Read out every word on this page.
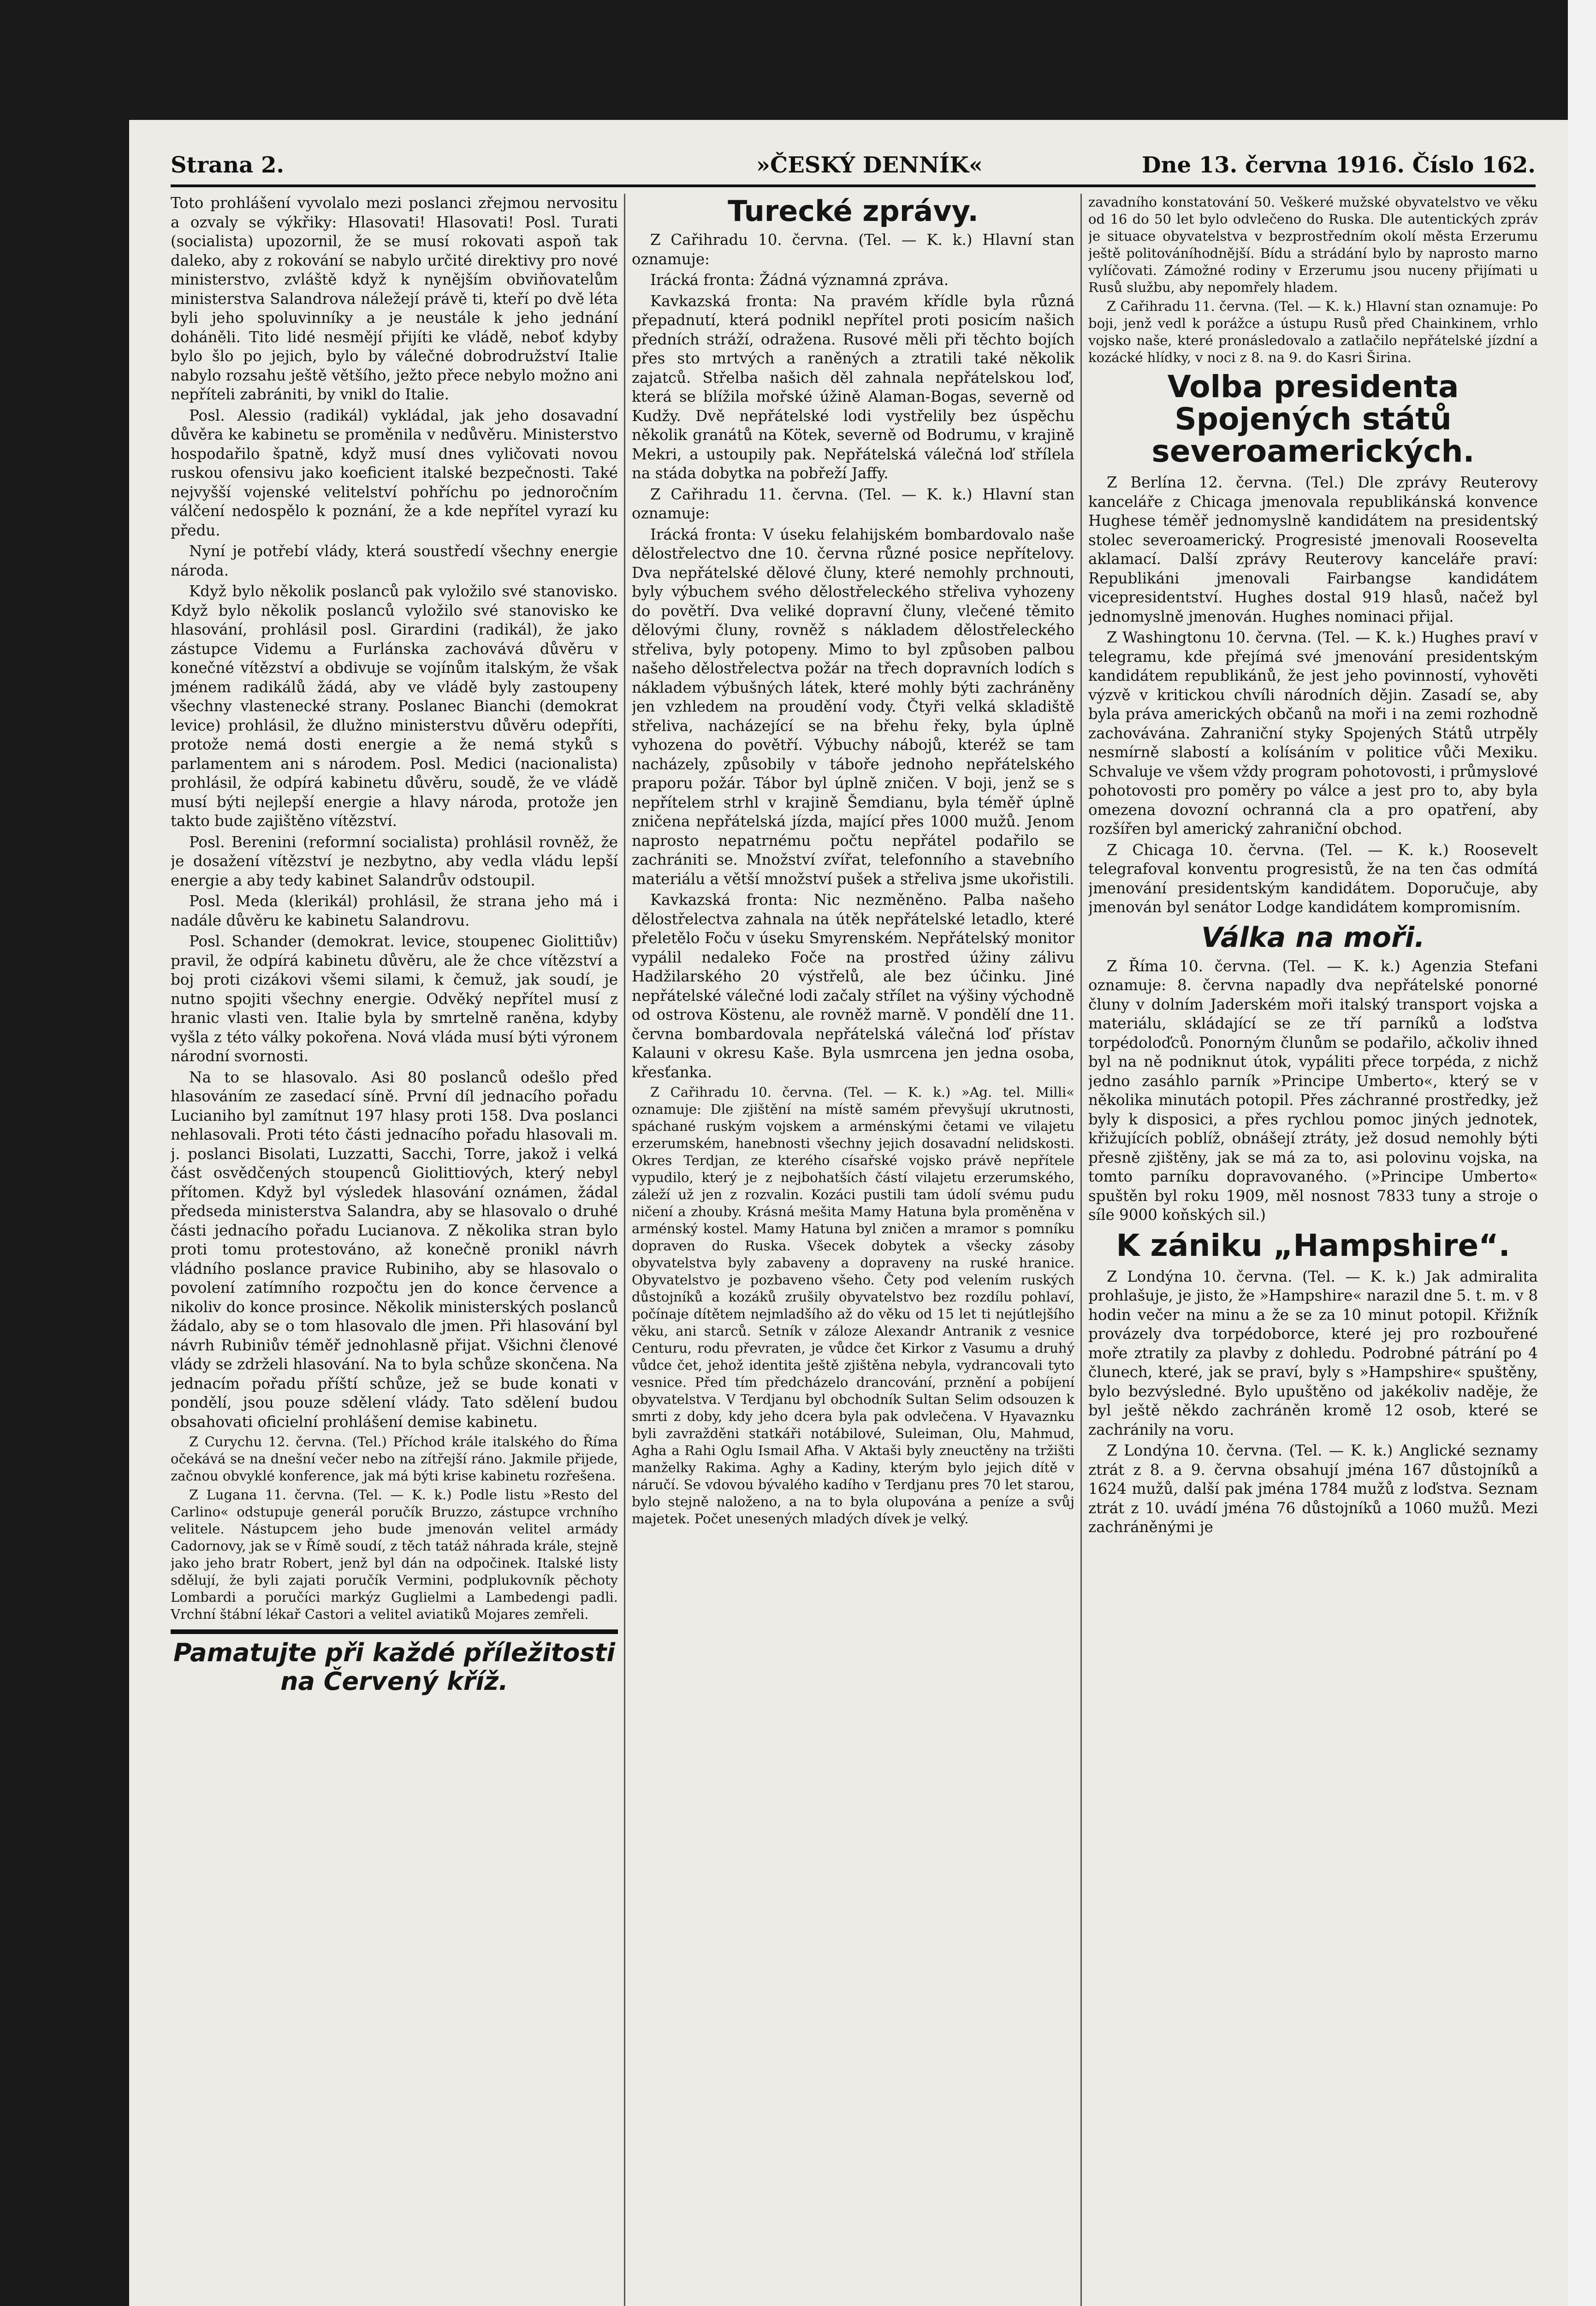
Strana 2.	»ČESKÝ DENNÍK«	Dne 13. června 1916. Číslo 162.

Toto prohlášení vyvolalo mezi poslanci zřejmou nervositu a ozvaly se výkřiky: Hlasovati! Hlasovati! Posl. Turati (socialista) upozornil, že se musí rokovati aspoň tak daleko, aby z rokování se nabylo určité direktivy pro nové ministerstvo, zvláště když k nynějším obviňovatelům ministerstva Salandrova náležejí právě ti, kteří po dvě léta byli jeho spoluvinníky a je neustále k jeho jednání doháněli. Tito lidé nesmějí přijíti ke vládě, neboť kdyby bylo šlo po jejich, bylo by válečné dobrodružství Italie nabylo rozsahu ještě většího, ježto přece nebylo možno ani nepříteli zabrániti, by vnikl do Italie.

Posl. Alessio (radikál) vykládal, jak jeho dosavadní důvěra ke kabinetu se proměnila v nedůvěru. Ministerstvo hospodařilo špatně, když musí dnes vyličovati novou ruskou ofensivu jako koeficient italské bezpečnosti. Také nejvyšší vojenské velitelství pohříchu po jednoročním válčení nedospělo k poznání, že a kde nepřítel vyrazí ku předu.

Nyní je potřebí vlády, která soustředí všechny energie národa.

Když bylo několik poslanců pak vyložilo své stanovisko. Když bylo několik poslanců vyložilo své stanovisko ke hlasování, prohlásil posl. Girardini (radikál), že jako zástupce Videmu a Furlánska zachovává důvěru v konečné vítězství a obdivuje se vojínům italským, že však jménem radikálů žádá, aby ve vládě byly zastoupeny všechny vlastenecké strany. Poslanec Bianchi (demokrat levice) prohlásil, že dlužno ministerstvu důvěru odepříti, protože nemá dosti energie a že nemá styků s parlamentem ani s národem. Posl. Medici (nacionalista) prohlásil, že odpírá kabinetu důvěru, soudě, že ve vládě musí býti nejlepší energie a hlavy národa, protože jen takto bude zajištěno vítězství.

Posl. Berenini (reformní socialista) prohlásil rovněž, že je dosažení vítězství je nezbytno, aby vedla vládu lepší energie a aby tedy kabinet Salandrův odstoupil.

Posl. Meda (klerikál) prohlásil, že strana jeho má i nadále důvěru ke kabinetu Salandrovu.

Posl. Schander (demokrat. levice, stoupenec Giolittiův) pravil, že odpírá kabinetu důvěru, ale že chce vítězství a boj proti cizákovi všemi silami, k čemuž, jak soudí, je nutno spojiti všechny energie. Odvěký nepřítel musí z hranic vlasti ven. Italie byla by smrtelně raněna, kdyby vyšla z této války pokořena. Nová vláda musí býti výronem národní svornosti.

Na to se hlasovalo. Asi 80 poslanců odešlo před hlasováním ze zasedací síně. První díl jednacího pořadu Lucianiho byl zamítnut 197 hlasy proti 158. Dva poslanci nehlasovali. Proti této části jednacího pořadu hlasovali m. j. poslanci Bisolati, Luzzatti, Sacchi, Torre, jakož i velká část osvědčených stoupenců Giolittiových, který nebyl přítomen. Když byl výsledek hlasování oznámen, žádal předseda ministerstva Salandra, aby se hlasovalo o druhé části jednacího pořadu Lucianova. Z několika stran bylo proti tomu protestováno, až konečně pronikl návrh vládního poslance pravice Rubiniho, aby se hlasovalo o povolení zatímního rozpočtu jen do konce července a nikoliv do konce prosince. Několik ministerských poslanců žádalo, aby se o tom hlasovalo dle jmen. Při hlasování byl návrh Rubiniův téměř jednohlasně přijat. Všichni členové vlády se zdrželi hlasování. Na to byla schůze skončena. Na jednacím pořadu příští schůze, jež se bude konati v pondělí, jsou pouze sdělení vlády. Tato sdělení budou obsahovati oficielní prohlášení demise kabinetu.

Z Curychu 12. června. (Tel.) Příchod krále italského do Říma očekává se na dnešní večer nebo na zítřejší ráno. Jakmile přijede, začnou obvyklé konference, jak má býti krise kabinetu rozřešena.

Z Lugana 11. června. (Tel. — K. k.) Podle listu »Resto del Carlino« odstupuje generál poručík Bruzzo, zástupce vrchního velitele. Nástupcem jeho bude jmenován velitel armády Cadornovy, jak se v Římě soudí, z těch tatáž náhrada krále, stejně jako jeho bratr Robert, jenž byl dán na odpočinek. Italské listy sdělují, že byli zajati poručík Vermini, podplukovník pěchoty Lombardi a poručíci markýz Guglielmi a Lambedengi padli. Vrchní štábní lékař Castori a velitel aviatiků Mojares zemřeli.

Pamatujte při každé příležitosti na Červený kříž.
Turecké zprávy.

Z Cařihradu 10. června. (Tel. — K. k.) Hlavní stan oznamuje:

Irácká fronta: Žádná významná zpráva.

Kavkazská fronta: Na pravém křídle byla různá přepadnutí, která podnikl nepřítel proti posicím našich předních stráží, odražena. Rusové měli při těchto bojích přes sto mrtvých a raněných a ztratili také několik zajatců. Střelba našich děl zahnala nepřátelskou loď, která se blížila mořské úžině Alaman-Bogas, severně od Kudžy. Dvě nepřátelské lodi vystřelily bez úspěchu několik granátů na Kötek, severně od Bodrumu, v krajině Mekri, a ustoupily pak. Nepřátelská válečná loď střílela na stáda dobytka na pobřeží Jaffy.

Z Cařihradu 11. června. (Tel. — K. k.) Hlavní stan oznamuje:

Irácká fronta: V úseku felahijském bombardovalo naše dělostřelectvo dne 10. června různé posice nepřítelovy. Dva nepřátelské dělové čluny, které nemohly prchnouti, byly výbuchem svého dělostřeleckého střeliva vyhozeny do povětří. Dva veliké dopravní čluny, vlečené těmito dělovými čluny, rovněž s nákladem dělostřeleckého střeliva, byly potopeny. Mimo to byl způsoben palbou našeho dělostřelectva požár na třech dopravních lodích s nákladem výbušných látek, které mohly býti zachráněny jen vzhledem na proudění vody. Čtyři velká skladiště střeliva, nacházející se na břehu řeky, byla úplně vyhozena do povětří. Výbuchy nábojů, kteréž se tam nacházely, způsobily v táboře jednoho nepřátelského praporu požár. Tábor byl úplně zničen. V boji, jenž se s nepřítelem strhl v krajině Šemdianu, byla téměř úplně zničena nepřátelská jízda, mající přes 1000 mužů. Jenom naprosto nepatrnému počtu nepřátel podařilo se zachrániti se. Množství zvířat, telefonního a stavebního materiálu a větší množství pušek a střeliva jsme ukořistili.

Kavkazská fronta: Nic nezměněno. Palba našeho dělostřelectva zahnala na útěk nepřátelské letadlo, které přeletělo Foču v úseku Smyrenském. Nepřátelský monitor vypálil nedaleko Foče na prostřed úžiny zálivu Hadžilarského 20 výstřelů, ale bez účinku. Jiné nepřátelské válečné lodi začaly střílet na výšiny východně od ostrova Köstenu, ale rovněž marně. V pondělí dne 11. června bombardovala nepřátelská válečná loď přístav Kalauni v okresu Kaše. Byla usmrcena jen jedna osoba, křesťanka.

Z Cařihradu 10. června. (Tel. — K. k.) »Ag. tel. Milli« oznamuje: Dle zjištění na místě samém převyšují ukrutnosti, spáchané ruským vojskem a arménskými četami ve vilajetu erzerumském, hanebnosti všechny jejich dosavadní nelidskosti. Okres Terdjan, ze kterého císařské vojsko právě nepřítele vypudilo, který je z nejbohatších částí vilajetu erzerumského, záleží už jen z rozvalin. Kozáci pustili tam údolí svému pudu ničení a zhouby. Krásná mešita Mamy Hatuna byla proměněna v arménský kostel. Mamy Hatuna byl zničen a mramor s pomníku dopraven do Ruska. Všecek dobytek a všecky zásoby obyvatelstva byly zabaveny a dopraveny na ruské hranice. Obyvatelstvo je pozbaveno všeho. Čety pod velením ruských důstojníků a kozáků zrušily obyvatelstvo bez rozdílu pohlaví, počínaje dítětem nejmladšího až do věku od 15 let ti nejútlejšího věku, ani starců. Setník v záloze Alexandr Antranik z vesnice Centuru, rodu převraten, je vůdce čet Kirkor z Vasumu a druhý vůdce čet, jehož identita ještě zjištěna nebyla, vydrancovali tyto vesnice. Před tím předcházelo drancování, prznění a pobíjení obyvatelstva. V Terdjanu byl obchodník Sultan Selim odsouzen k smrti z doby, kdy jeho dcera byla pak odvlečena. V Hyavaznku byli zavražděni statkáři notábilové, Suleiman, Olu, Mahmud, Agha a Rahi Oglu Ismail Afha. V Aktaši byly zneuctěny na tržišti manželky Rakima. Aghy a Kadiny, kterým bylo jejich dítě v náručí. Se vdovou bývalého kadího v Terdjanu pres 70 let starou, bylo stejně naloženo, a na to byla olupována a peníze a svůj majetek. Počet unesených mladých dívek je velký.

zavadního konstatování 50. Veškeré mužské obyvatelstvo ve věku od 16 do 50 let bylo odvlečeno do Ruska. Dle autentických zpráv je situace obyvatelstva v bezprostředním okolí města Erzerumu ještě politováníhodnější. Bídu a strádání bylo by naprosto marno vylíčovati. Zámožné rodiny v Erzerumu jsou nuceny přijímati u Rusů službu, aby nepomřely hladem.

Z Cařihradu 11. června. (Tel. — K. k.) Hlavní stan oznamuje: Po boji, jenž vedl k porážce a ústupu Rusů před Chainkinem, vrhlo vojsko naše, které pronásledovalo a zatlačilo nepřátelské jízdní a kozácké hlídky, v noci z 8. na 9. do Kasri Širina.

Volba presidenta Spojených států severoamerických.

Z Berlína 12. června. (Tel.) Dle zprávy Reuterovy kanceláře z Chicaga jmenovala republikánská konvence Hughese téměř jednomyslně kandidátem na presidentský stolec severoamerický. Progresisté jmenovali Roosevelta aklamací. Další zprávy Reuterovy kanceláře praví: Republikáni jmenovali Fairbangse kandidátem vicepresidentství. Hughes dostal 919 hlasů, načež byl jednomyslně jmenován. Hughes nominaci přijal.

Z Washingtonu 10. června. (Tel. — K. k.) Hughes praví v telegramu, kde přejímá své jmenování presidentským kandidátem republikánů, že jest jeho povinností, vyhověti výzvě v kritickou chvíli národních dějin. Zasadí se, aby byla práva amerických občanů na moři i na zemi rozhodně zachovávána. Zahraniční styky Spojených Států utrpěly nesmírně slabostí a kolísáním v politice vůči Mexiku. Schvaluje ve všem vždy program pohotovosti, i průmyslové pohotovosti pro poměry po válce a jest pro to, aby byla omezena dovozní ochranná cla a pro opatření, aby rozšířen byl americký zahraniční obchod.

Z Chicaga 10. června. (Tel. — K. k.) Roosevelt telegrafoval konventu progresistů, že na ten čas odmítá jmenování presidentským kandidátem. Doporučuje, aby jmenován byl senátor Lodge kandidátem kompromisním.

Válka na moři.

Z Říma 10. června. (Tel. — K. k.) Agenzia Stefani oznamuje: 8. června napadly dva nepřátelské ponorné čluny v dolním Jaderském moři italský transport vojska a materiálu, skládající se ze tří parníků a loďstva torpédoloďců. Ponorným člunům se podařilo, ačkoliv ihned byl na ně podniknut útok, vypáliti přece torpéda, z nichž jedno zasáhlo parník »Principe Umberto«, který se v několika minutách potopil. Přes záchranné prostředky, jež byly k disposici, a přes rychlou pomoc jiných jednotek, křižujících poblíž, obnášejí ztráty, jež dosud nemohly býti přesně zjištěny, jak se má za to, asi polovinu vojska, na tomto parníku dopravovaného. (»Principe Umberto« spuštěn byl roku 1909, měl nosnost 7833 tuny a stroje o síle 9000 koňských sil.)

K zániku „Hampshire“.

Z Londýna 10. června. (Tel. — K. k.) Jak admiralita prohlašuje, je jisto, že »Hampshire« narazil dne 5. t. m. v 8 hodin večer na minu a že se za 10 minut potopil. Křižník provázely dva torpédoborce, které jej pro rozbouřené moře ztratily za plavby z dohledu. Podrobné pátrání po 4 člunech, které, jak se praví, byly s »Hampshire« spuštěny, bylo bezvýsledné. Bylo upuštěno od jakékoliv naděje, že byl ještě někdo zachráněn kromě 12 osob, které se zachránily na voru.

Z Londýna 10. června. (Tel. — K. k.) Anglické seznamy ztrát z 8. a 9. června obsahují jména 167 důstojníků a 1624 mužů, další pak jména 1784 mužů z loďstva. Seznam ztrát z 10. uvádí jména 76 důstojníků a 1060 mužů. Mezi zachráněnými je
